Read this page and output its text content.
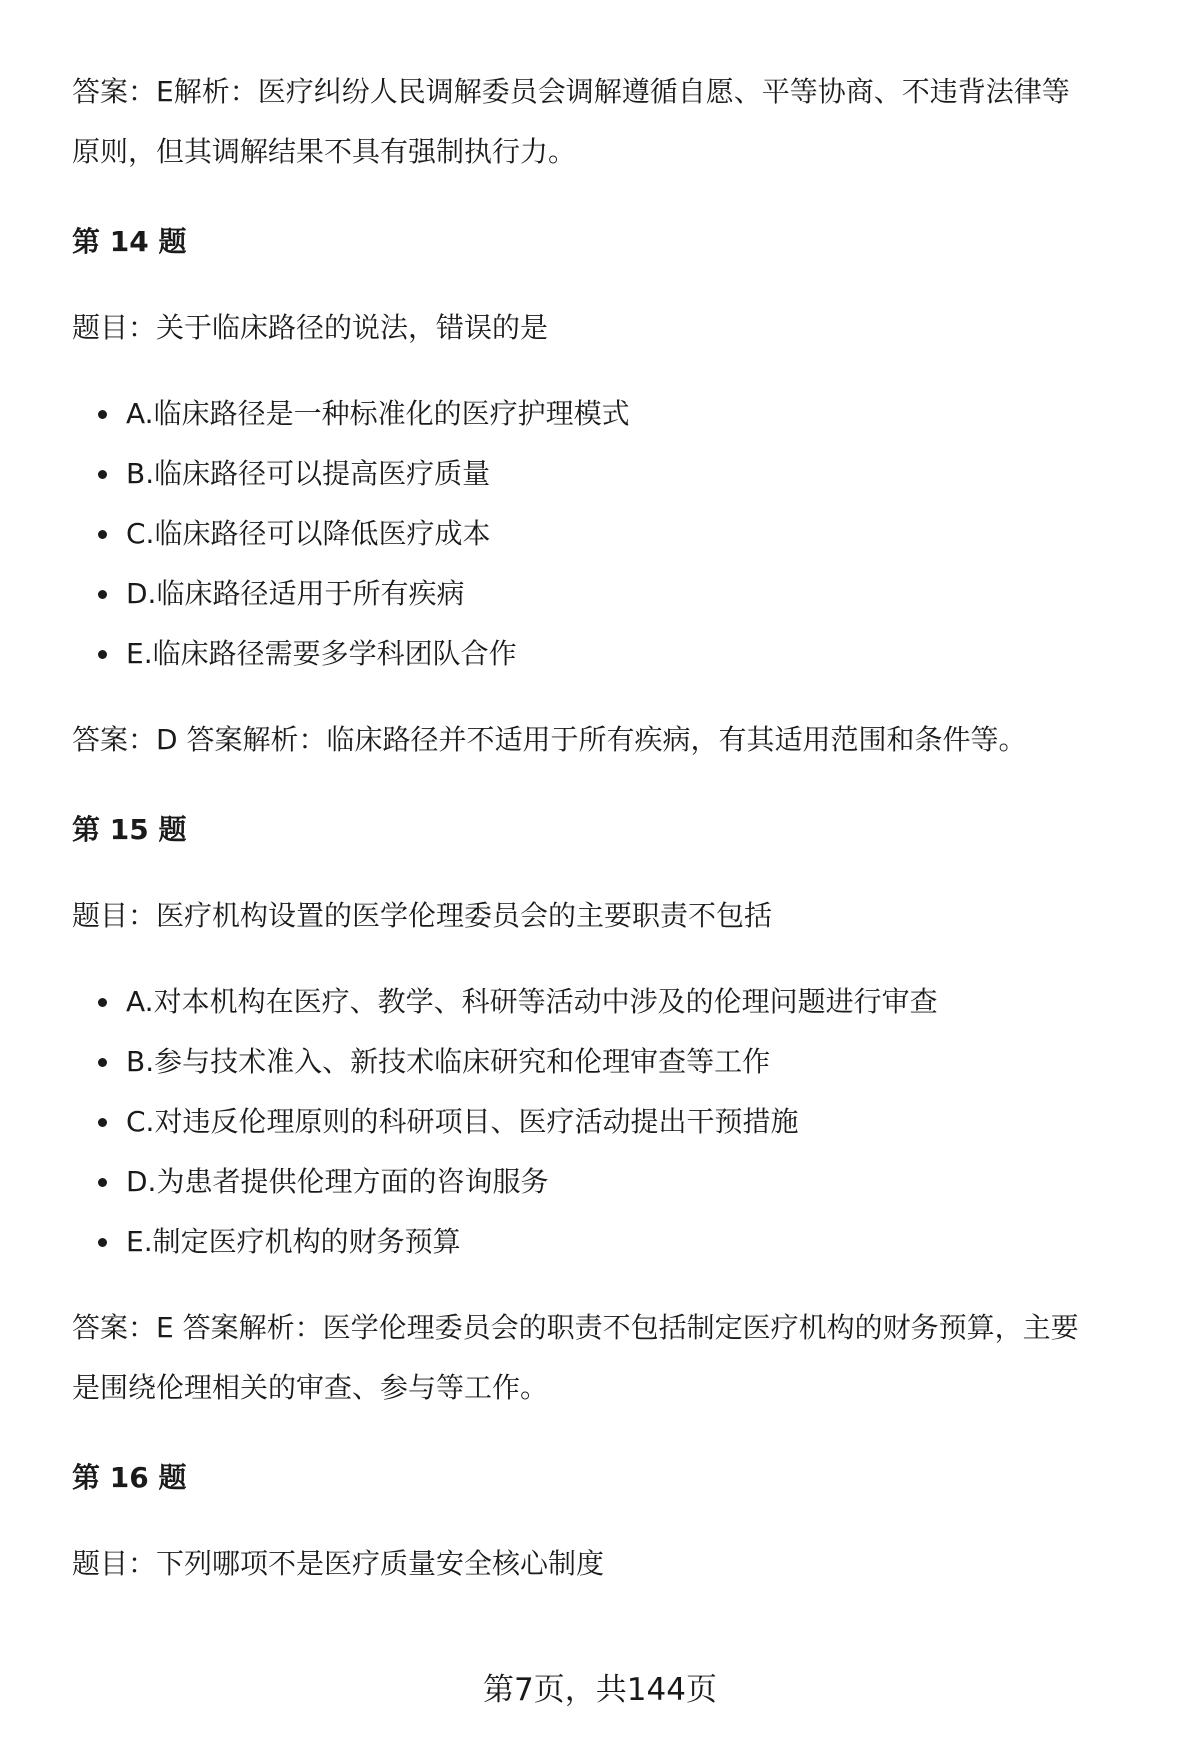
答案：E解析：医疗纠纷人民调解委员会调解遵循自愿、平等协商、不违背法律等

原则，但其调解结果不具有强制执行力。

第 14 题

题目：关于临床路径的说法，错误的是

A.临床路径是一种标准化的医疗护理模式
B.临床路径可以提高医疗质量
C.临床路径可以降低医疗成本
D.临床路径适用于所有疾病
E.临床路径需要多学科团队合作

答案：D 答案解析：临床路径并不适用于所有疾病，有其适用范围和条件等。

第 15 题

题目：医疗机构设置的医学伦理委员会的主要职责不包括

A.对本机构在医疗、教学、科研等活动中涉及的伦理问题进行审查
B.参与技术准入、新技术临床研究和伦理审查等工作
C.对违反伦理原则的科研项目、医疗活动提出干预措施
D.为患者提供伦理方面的咨询服务
E.制定医疗机构的财务预算

答案：E 答案解析：医学伦理委员会的职责不包括制定医疗机构的财务预算，主要

是围绕伦理相关的审查、参与等工作。

第 16 题

题目：下列哪项不是医疗质量安全核心制度

第7页，共144页
